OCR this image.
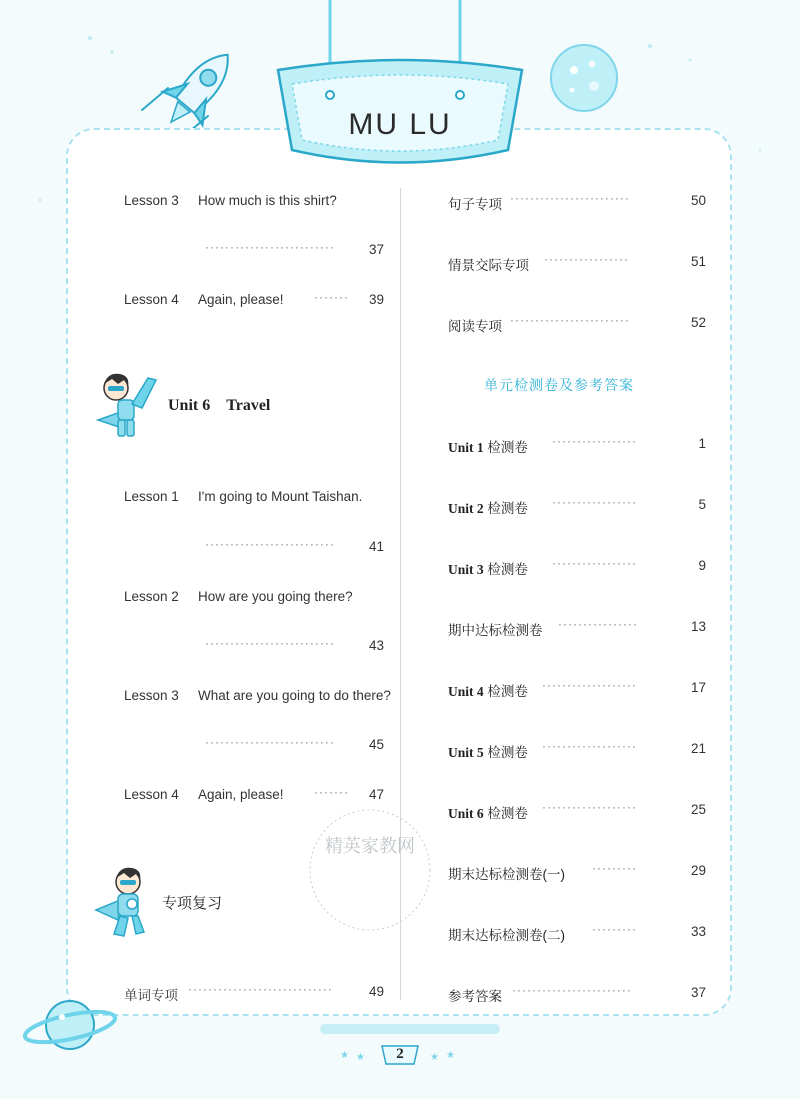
MU LU
Lesson 3 How much is this shirt?
··························	37
Lesson 4 Again, please!	·······	39
Unit 6 Travel
Lesson 1 I'm going to Mount Taishan.
··························	41
Lesson 2 How are you going there?
··························	43
Lesson 3 What are you going to do there?
··························	45
Lesson 4 Again, please!	·······	47
专项复习
单词专项 ·····························	49
句子专项 ························	50
情景交际专项 ·················	51
阅读专项 ························	52
单元检测卷及参考答案
Unit 1 检测卷 ·················	1
Unit 2 检测卷 ·················	5
Unit 3 检测卷 ·················	9
期中达标检测卷 ················	13
Unit 4 检测卷 ···················	17
Unit 5 检测卷 ···················	21
Unit 6 检测卷 ···················	25
期末达标检测卷(一) ·········	29
期末达标检测卷(二) ·········	33
参考答案 ························	37
精英家教网
★ ★	★ ★
2
